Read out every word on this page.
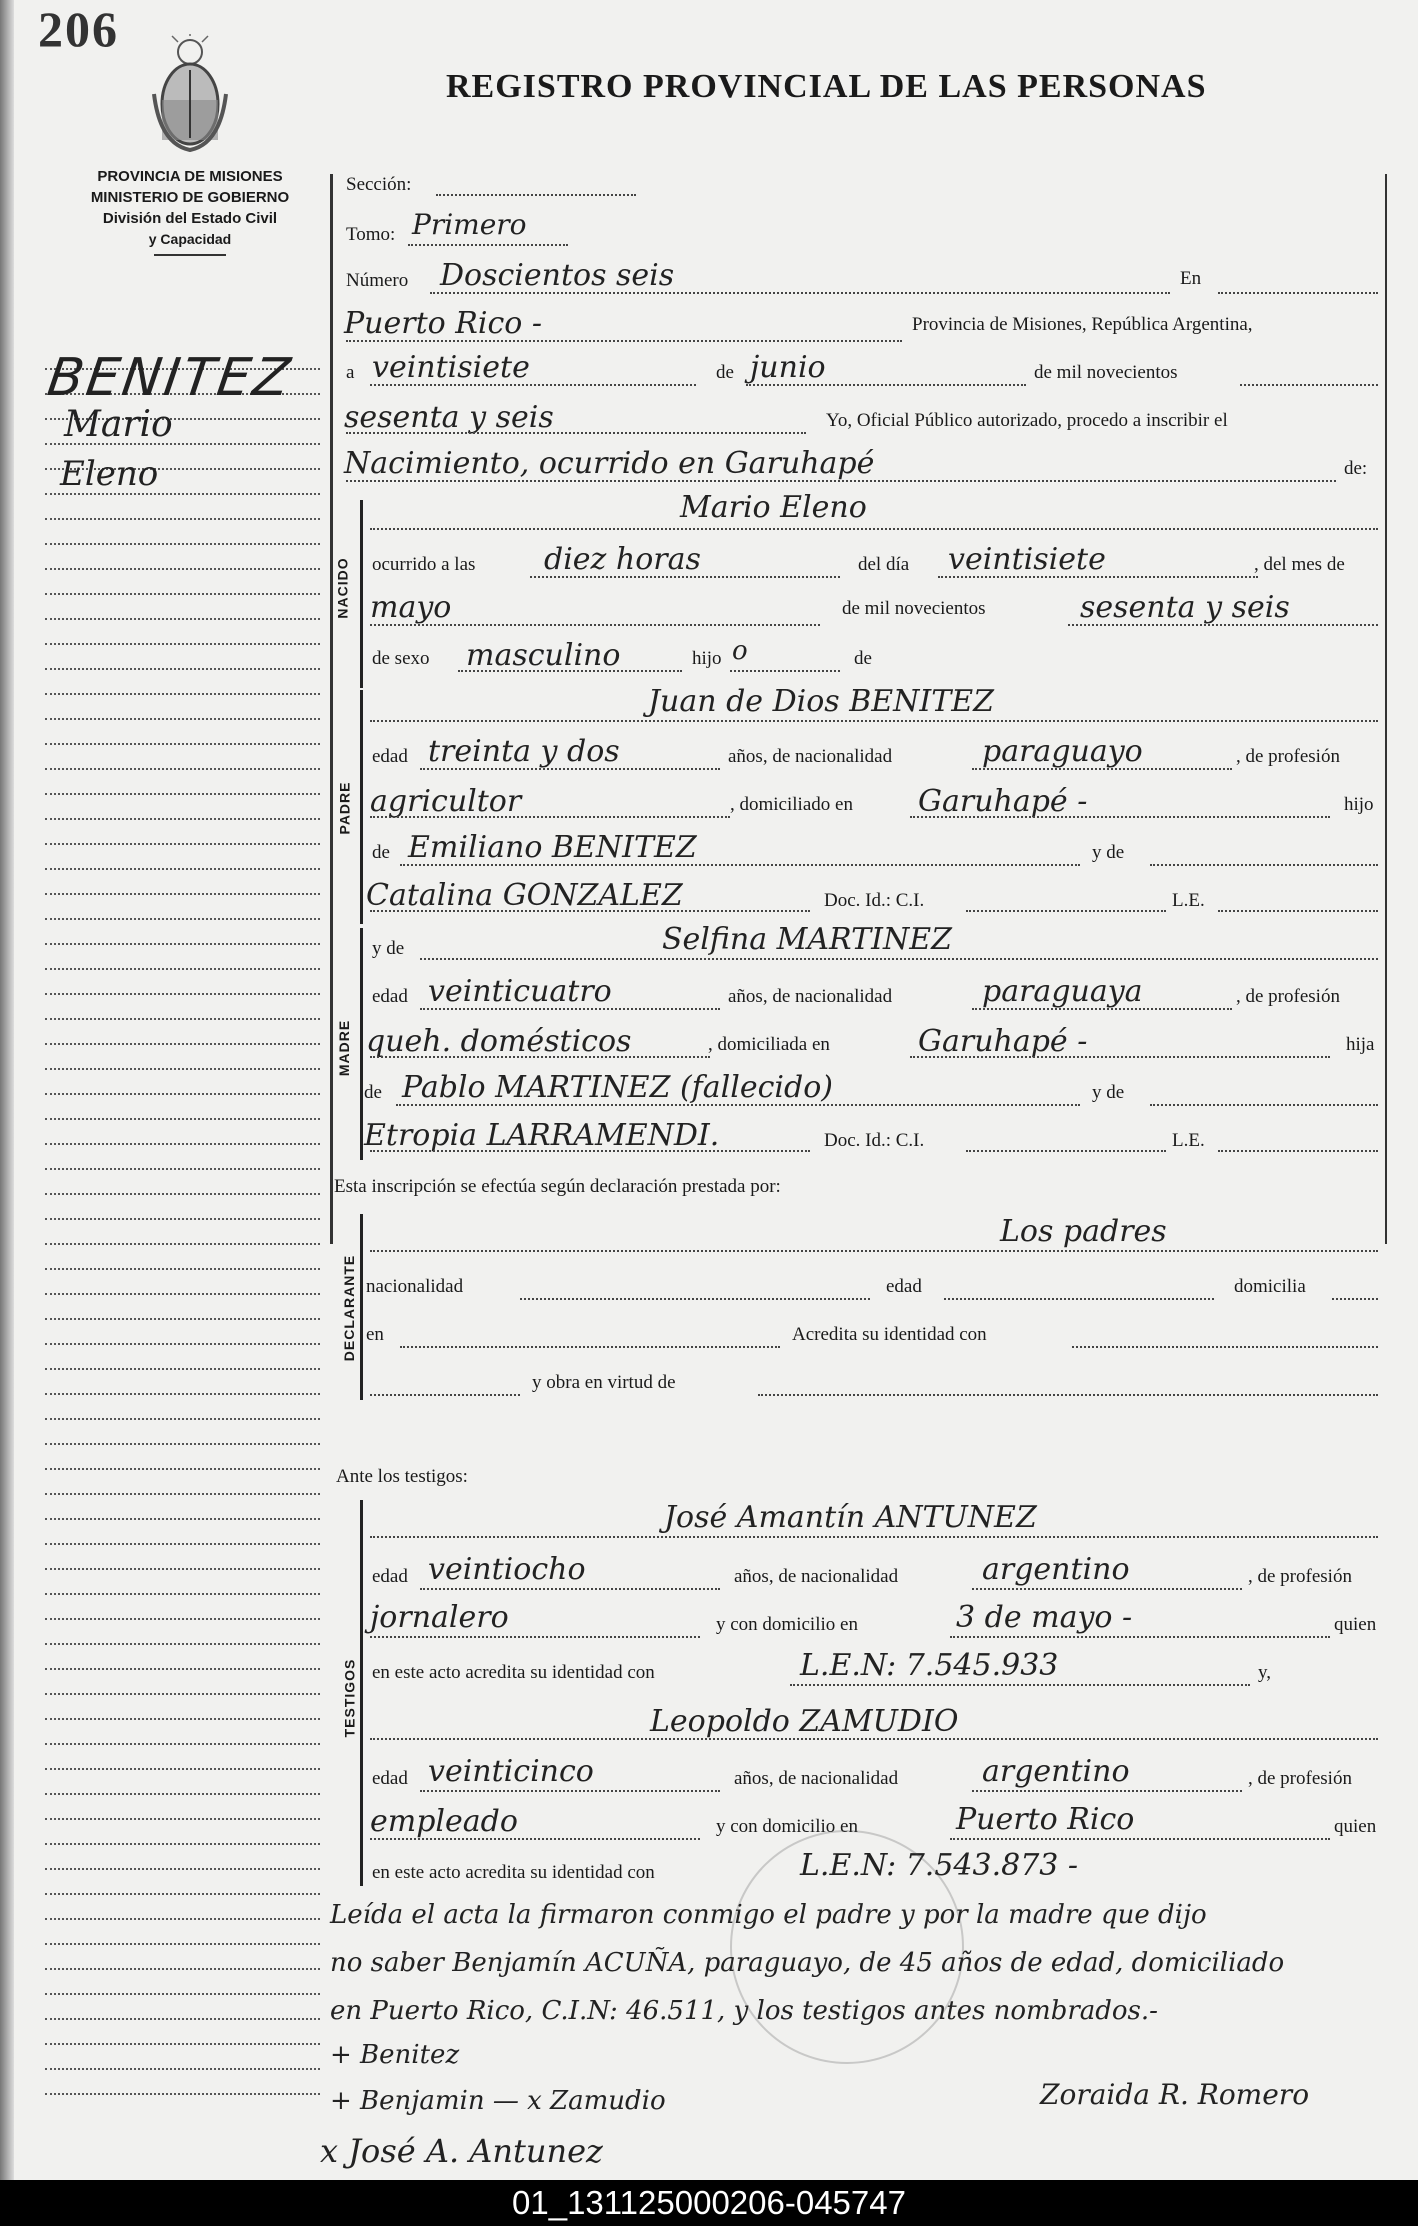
206
REGISTRO PROVINCIAL DE LAS PERSONAS
PROVINCIA DE MISIONES
MINISTERIO DE GOBIERNO
División del Estado Civil
y Capacidad
BENITEZ
Mario
Eleno
Sección:
Tomo: Primero
Número Doscientos seis	En
Puerto Rico -	Provincia de Misiones, República Argentina,
a veintisiete	de junio	de mil novecientos
sesenta y seis	Yo, Oficial Público autorizado, procedo a inscribir el
Nacimiento, ocurrido en Garuhapé	de:
NACIDO
Mario Eleno
ocurrido a las diez horas	del día veintisiete	, del mes de
mayo	de mil novecientos	sesenta y seis
de sexo masculino	hijo o	de
PADRE
Juan de Dios BENITEZ
edad treinta y dos	años, de nacionalidad	paraguayo	, de profesión
agricultor	, domiciliado en Garuhapé -	hijo
de Emiliano BENITEZ	y de
Catalina GONZALEZ	Doc. Id.: C.I.	L.E.
MADRE
y de	Selfina MARTINEZ
edad veinticuatro	años, de nacionalidad	paraguaya	, de profesión
queh. domésticos	, domiciliada en	Garuhapé -	hija
de Pablo MARTINEZ (fallecido)	y de
Etropia LARRAMENDI.	Doc. Id.: C.I.	L.E.
Esta inscripción se efectúa según declaración prestada por:
DECLARANTE
Los padres
nacionalidad	edad	domicilia
en	Acredita su identidad con
y obra en virtud de
Ante los testigos:
TESTIGOS
José Amantín ANTUNEZ
edad veintiocho	años, de nacionalidad	argentino	, de profesión
jornalero	y con domicilio en	3 de mayo -	quien
en este acto acredita su identidad con	L.E.N: 7.545.933	y,
Leopoldo ZAMUDIO
edad veinticinco	años, de nacionalidad	argentino	, de profesión
empleado	y con domicilio en	Puerto Rico	quien
en este acto acredita su identidad con	L.E.N: 7.543.873 -
Leída el acta la firmaron conmigo el padre y por la madre que dijo
no saber Benjamín ACUÑA, paraguayo, de 45 años de edad, domiciliado
en Puerto Rico, C.I.N: 46.511, y los testigos antes nombrados.-
+ Benitez
+ Benjamin — x Zamudio
x José A. Antunez
Zoraida R. Romero
01_131125000206-045747
